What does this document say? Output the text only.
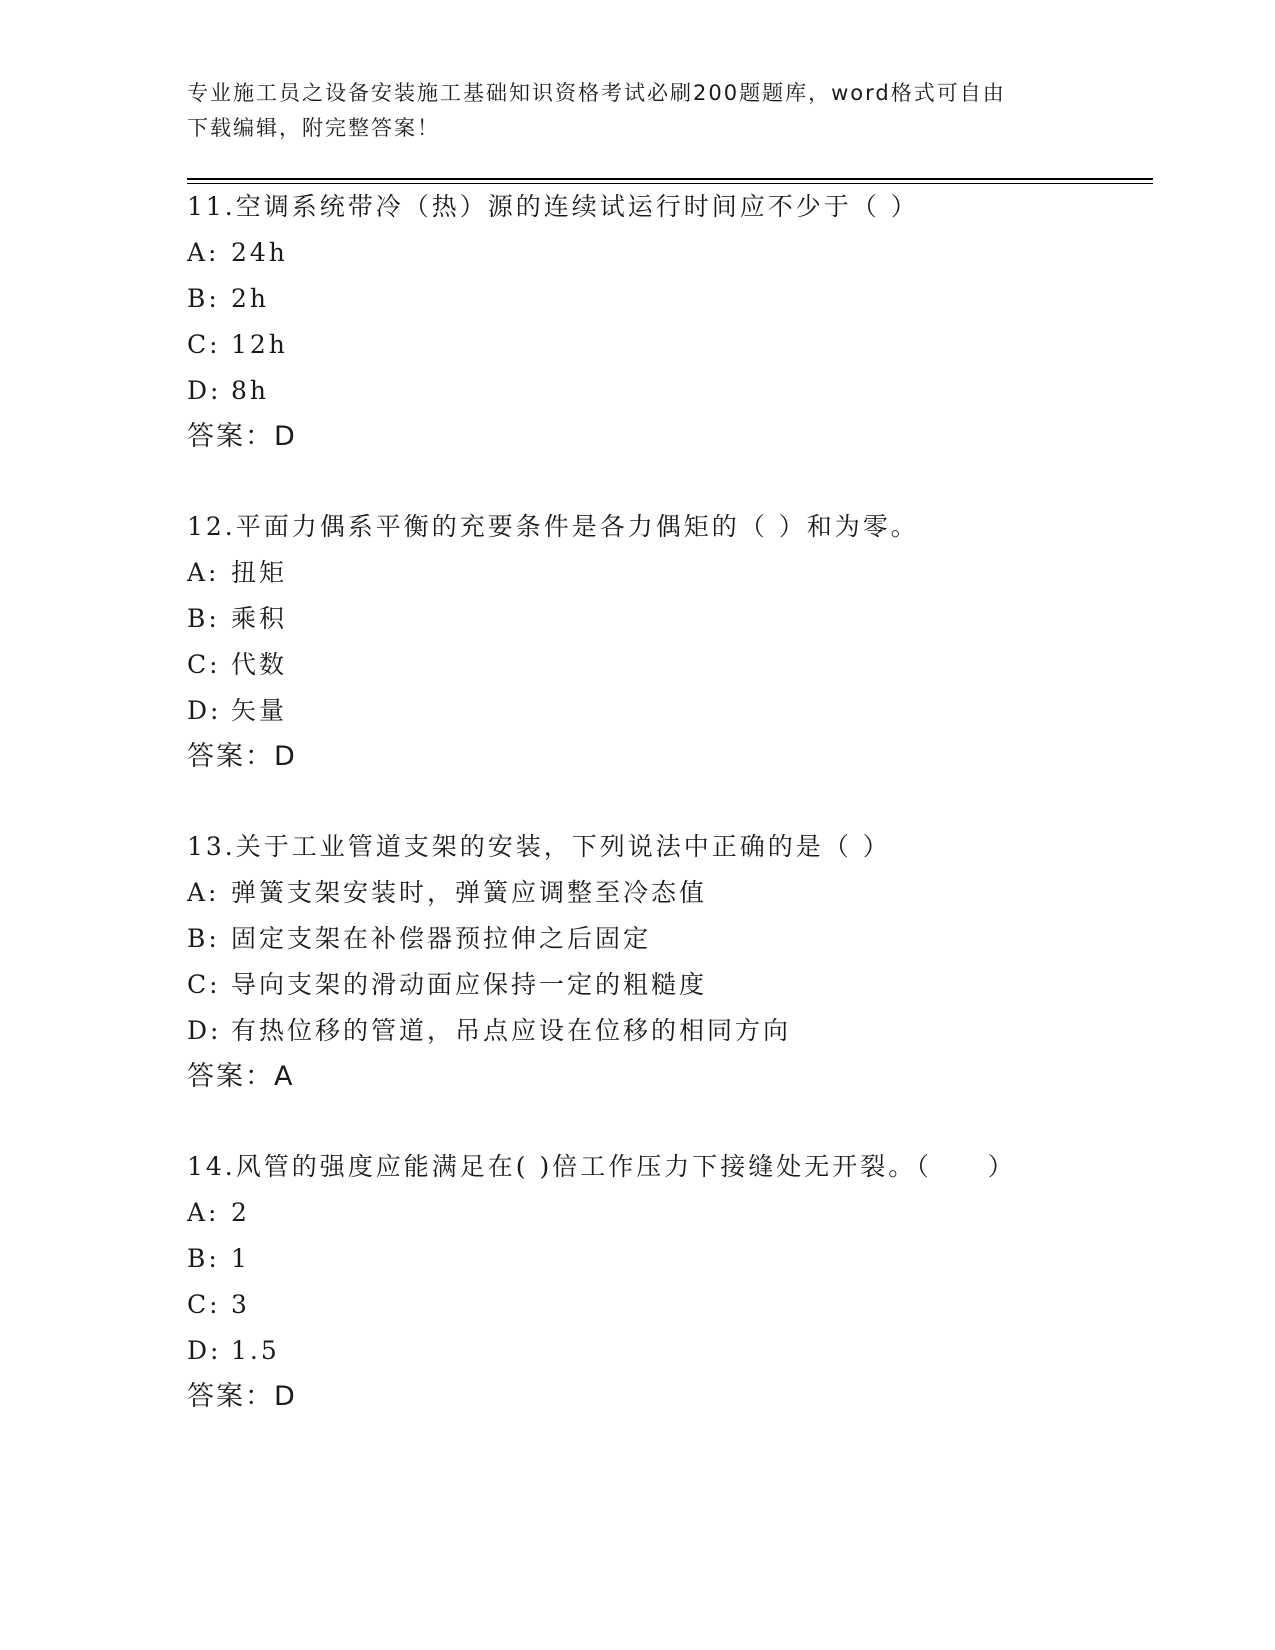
专业施工员之设备安装施工基础知识资格考试必刷200题题库，word格式可自由
下载编辑，附完整答案！
11.空调系统带冷（热）源的连续试运行时间应不少于（ ）
A: 24h
B: 2h
C: 12h
D: 8h
答案：D
12.平面力偶系平衡的充要条件是各力偶矩的（ ）和为零。
A: 扭矩
B: 乘积
C: 代数
D: 矢量
答案：D
13.关于工业管道支架的安装，下列说法中正确的是（ ）
A: 弹簧支架安装时，弹簧应调整至冷态值
B: 固定支架在补偿器预拉伸之后固定
C: 导向支架的滑动面应保持一定的粗糙度
D: 有热位移的管道，吊点应设在位移的相同方向
答案：A
14.风管的强度应能满足在( )倍工作压力下接缝处无开裂。（　　）
A: 2
B: 1
C: 3
D: 1.5
答案：D
